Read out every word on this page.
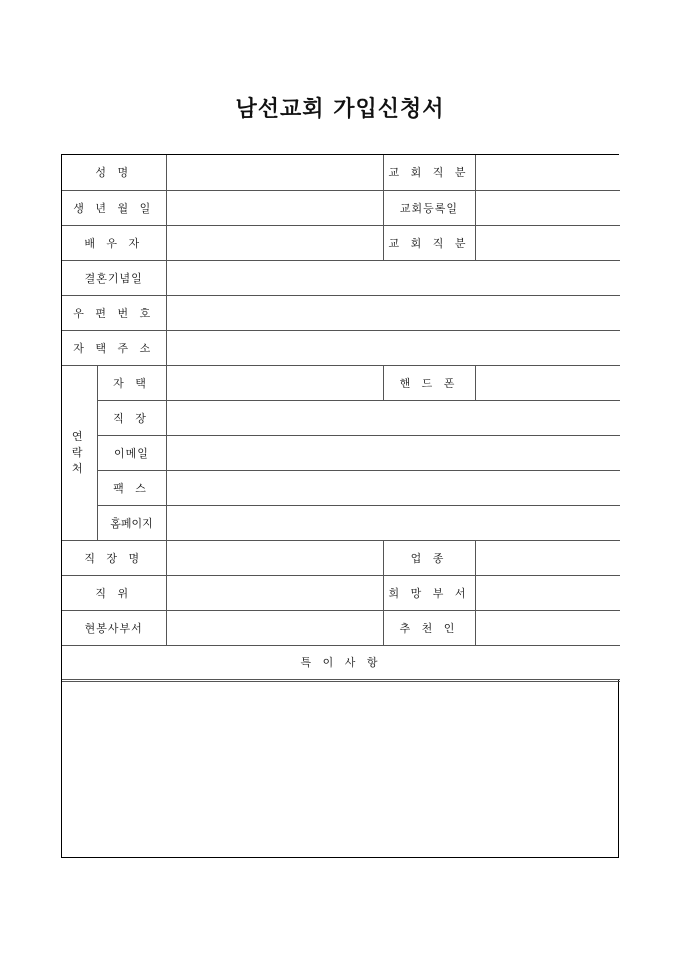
남선교회 가입신청서
성 명			교 회 직 분	
생 년 월 일			교회등록일	
배 우 자			교 회 직 분	
결혼기념일				
우 편 번 호				
자 택 주 소				

연
락
처	자 택		핸 드 폰	
	직 장			
	이메일			
	팩 스			
	홈페이지			
직 장 명			업 종	
직 위			희 망 부 서	
현봉사부서			추 천 인	
특 이 사 항				
